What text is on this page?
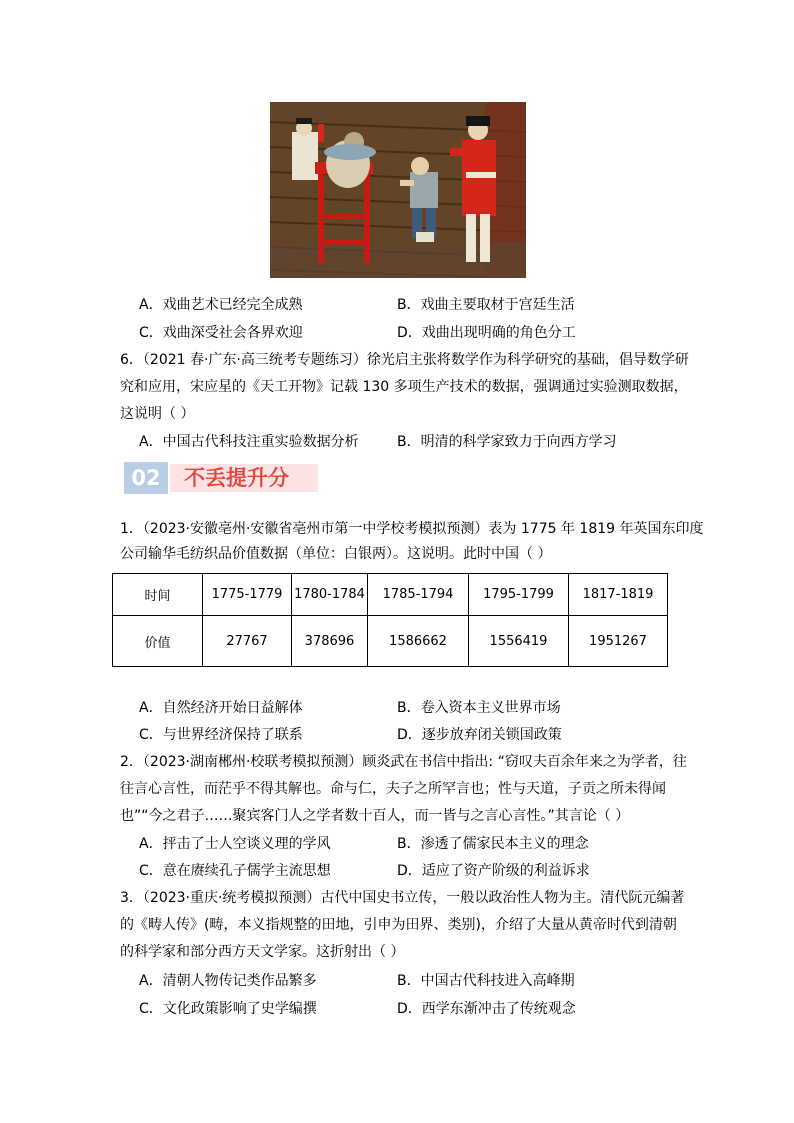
A．戏曲艺术已经完全成熟	B．戏曲主要取材于宫廷生活
C．戏曲深受社会各界欢迎	D．戏曲出现明确的角色分工
6．（2021 春·广东·高三统考专题练习）徐光启主张将数学作为科学研究的基础，倡导数学研
究和应用，宋应星的《天工开物》记载 130 多项生产技术的数据，强调通过实验测取数据，
这说明（ ）
A．中国古代科技注重实验数据分析	B．明清的科学家致力于向西方学习
02	不丢提升分
1．（2023·安徽亳州·安徽省亳州市第一中学校考模拟预测）表为 1775 年 1819 年英国东印度
公司输华毛纺织品价值数据（单位：白银两）。这说明。此时中国（ ）
时间	1775-1779	1780-1784	1785-1794	1795-1799	1817-1819
价值	27767	378696	1586662	1556419	1951267
A．自然经济开始日益解体	B．卷入资本主义世界市场
C．与世界经济保持了联系	D．逐步放弃闭关锁国政策
2．（2023·湖南郴州·校联考模拟预测）顾炎武在书信中指出: “窃叹夫百余年来之为学者，往
往言心言性，而茫乎不得其解也。命与仁，夫子之所罕言也；性与天道，子贡之所未得闻
也”“今之君子……聚宾客门人之学者数十百人，而一皆与之言心言性。”其言论（ ）
A．抨击了士人空谈义理的学风	B．渗透了儒家民本主义的理念
C．意在赓续孔子儒学主流思想	D．适应了资产阶级的利益诉求
3．（2023·重庆·统考模拟预测）古代中国史书立传，一般以政治性人物为主。清代阮元编著
的《畴人传》(畴，本义指规整的田地，引申为田界、类别)，介绍了大量从黄帝时代到清朝
的科学家和部分西方天文学家。这折射出（ ）
A．清朝人物传记类作品繁多	B．中国古代科技进入高峰期
C．文化政策影响了史学编撰	D．西学东渐冲击了传统观念
